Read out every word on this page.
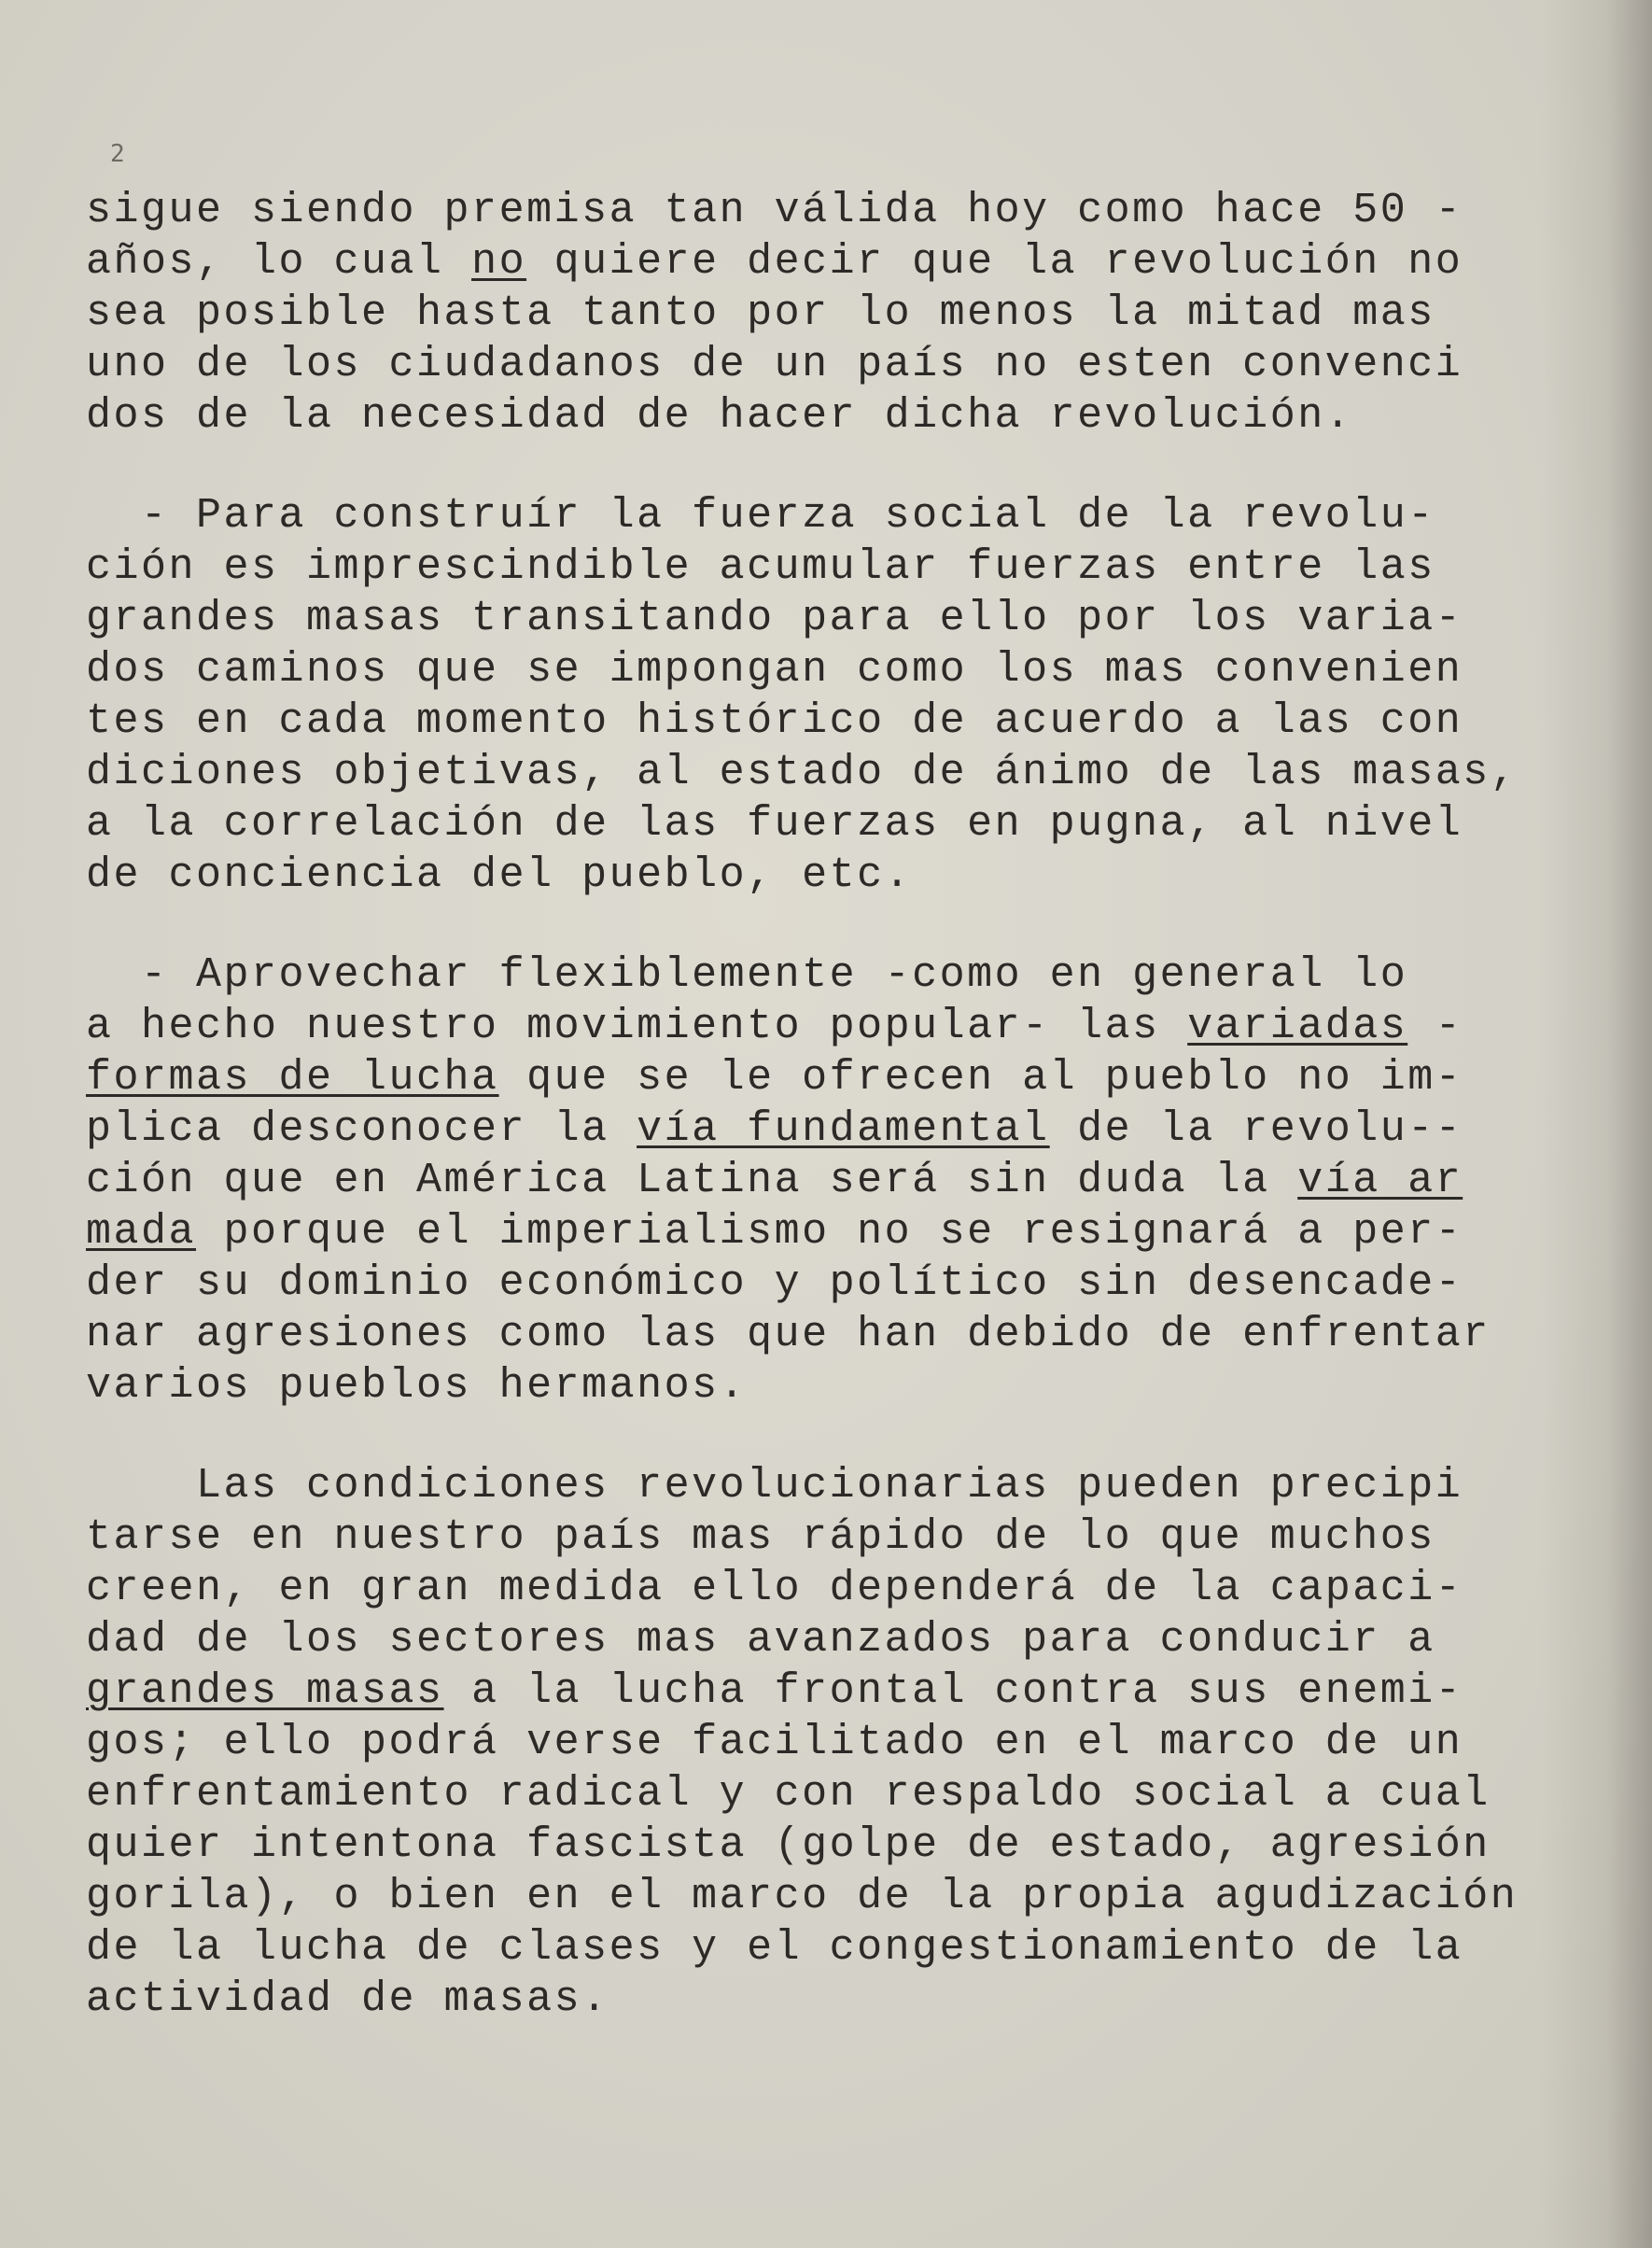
2
sigue siendo premisa tan válida hoy como hace 50 -
años, lo cual no quiere decir que la revolución no
sea posible hasta tanto por lo menos la mitad mas
uno de los ciudadanos de un país no esten convenci
dos de la necesidad de hacer dicha revolución.
- Para construír la fuerza social de la revolu-
ción es imprescindible acumular fuerzas entre las
grandes masas transitando para ello por los varia-
dos caminos que se impongan como los mas convenien
tes en cada momento histórico de acuerdo a las con
diciones objetivas, al estado de ánimo de las masas,
a la correlación de las fuerzas en pugna, al nivel
de conciencia del pueblo, etc.
- Aprovechar flexiblemente -como en general lo
a hecho nuestro movimiento popular- las variadas -
formas de lucha que se le ofrecen al pueblo no im-
plica desconocer la vía fundamental de la revolu--
ción que en América Latina será sin duda la vía ar
mada porque el imperialismo no se resignará a per-
der su dominio económico y político sin desencade-
nar agresiones como las que han debido de enfrentar
varios pueblos hermanos.
Las condiciones revolucionarias pueden precipi
tarse en nuestro país mas rápido de lo que muchos
creen, en gran medida ello dependerá de la capaci-
dad de los sectores mas avanzados para conducir a
grandes masas a la lucha frontal contra sus enemi-
gos; ello podrá verse facilitado en el marco de un
enfrentamiento radical y con respaldo social a cual
quier intentona fascista (golpe de estado, agresión
gorila), o bien en el marco de la propia agudización
de la lucha de clases y el congestionamiento de la
actividad de masas.
